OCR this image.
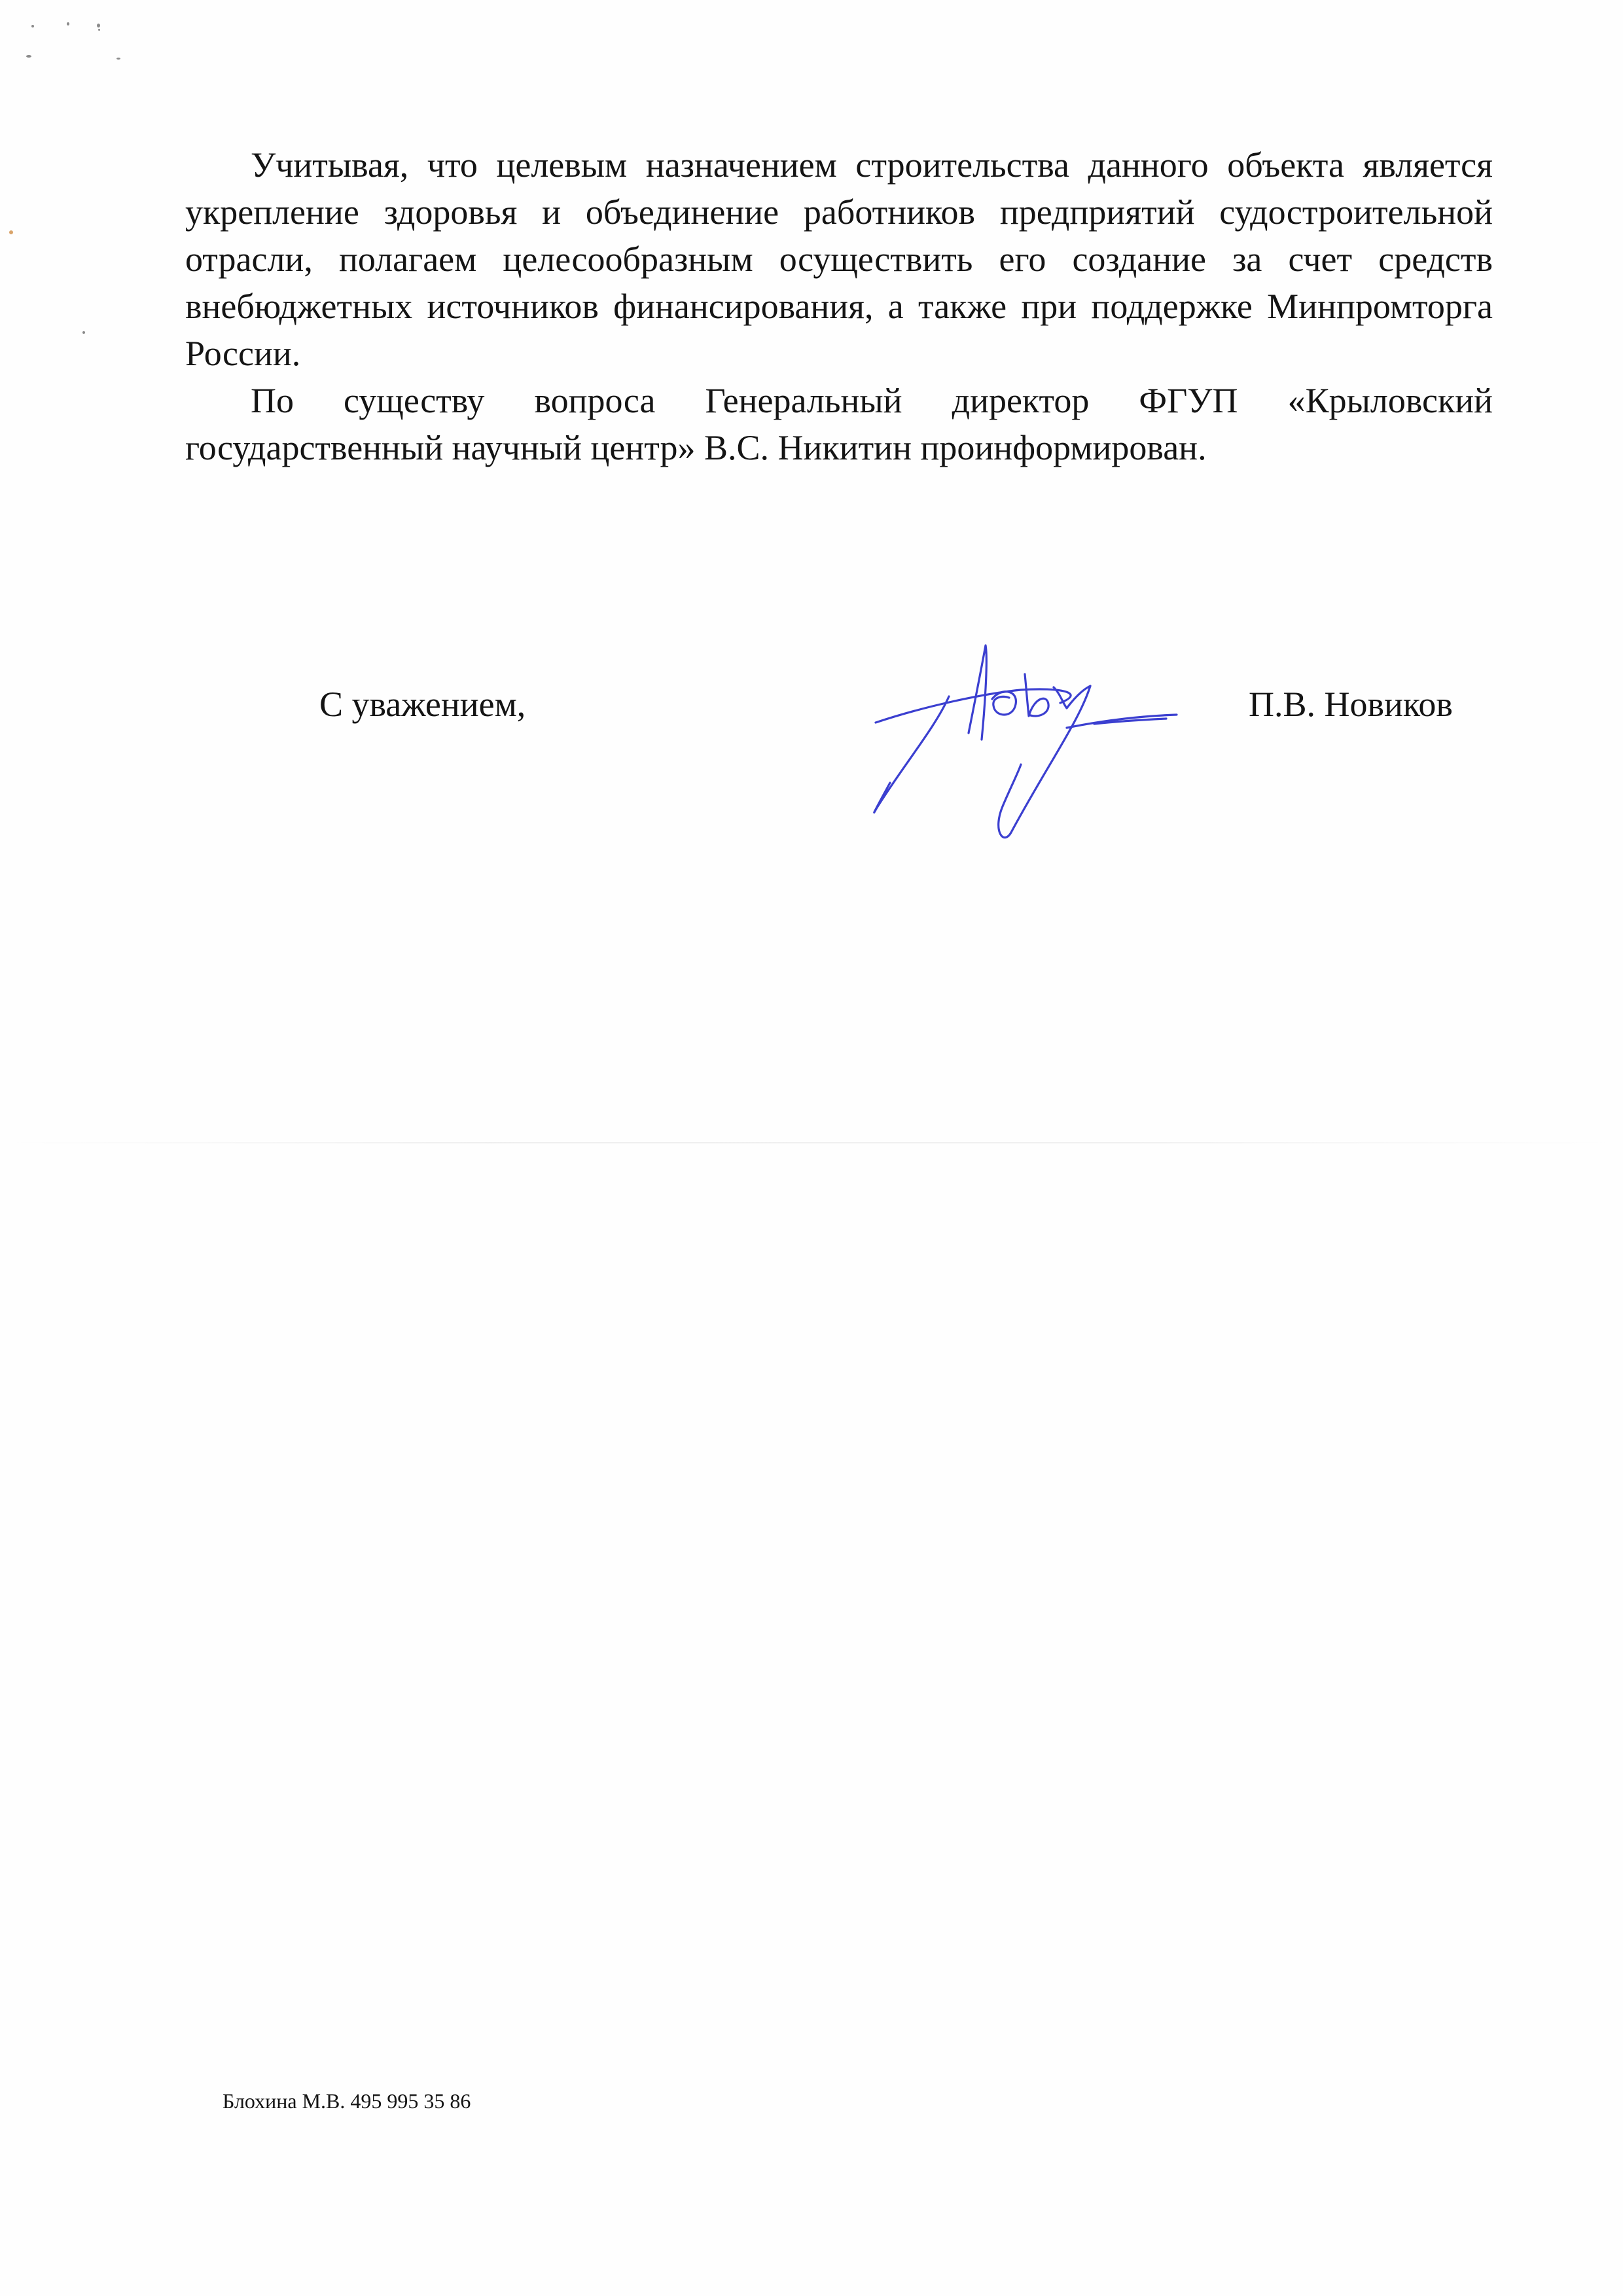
Учитывая, что целевым назначением строительства данного объекта является укрепление здоровья и объединение работников предприятий судостроительной отрасли, полагаем целесообразным осуществить его создание за счет средств внебюджетных источников финансирования, а также при поддержке Минпромторга России.

По существу вопроса Генеральный директор ФГУП «Крыловский государственный научный центр» В.С. Никитин проинформирован.

С уважением,	П.В. Новиков
Блохина М.В. 495 995 35 86
